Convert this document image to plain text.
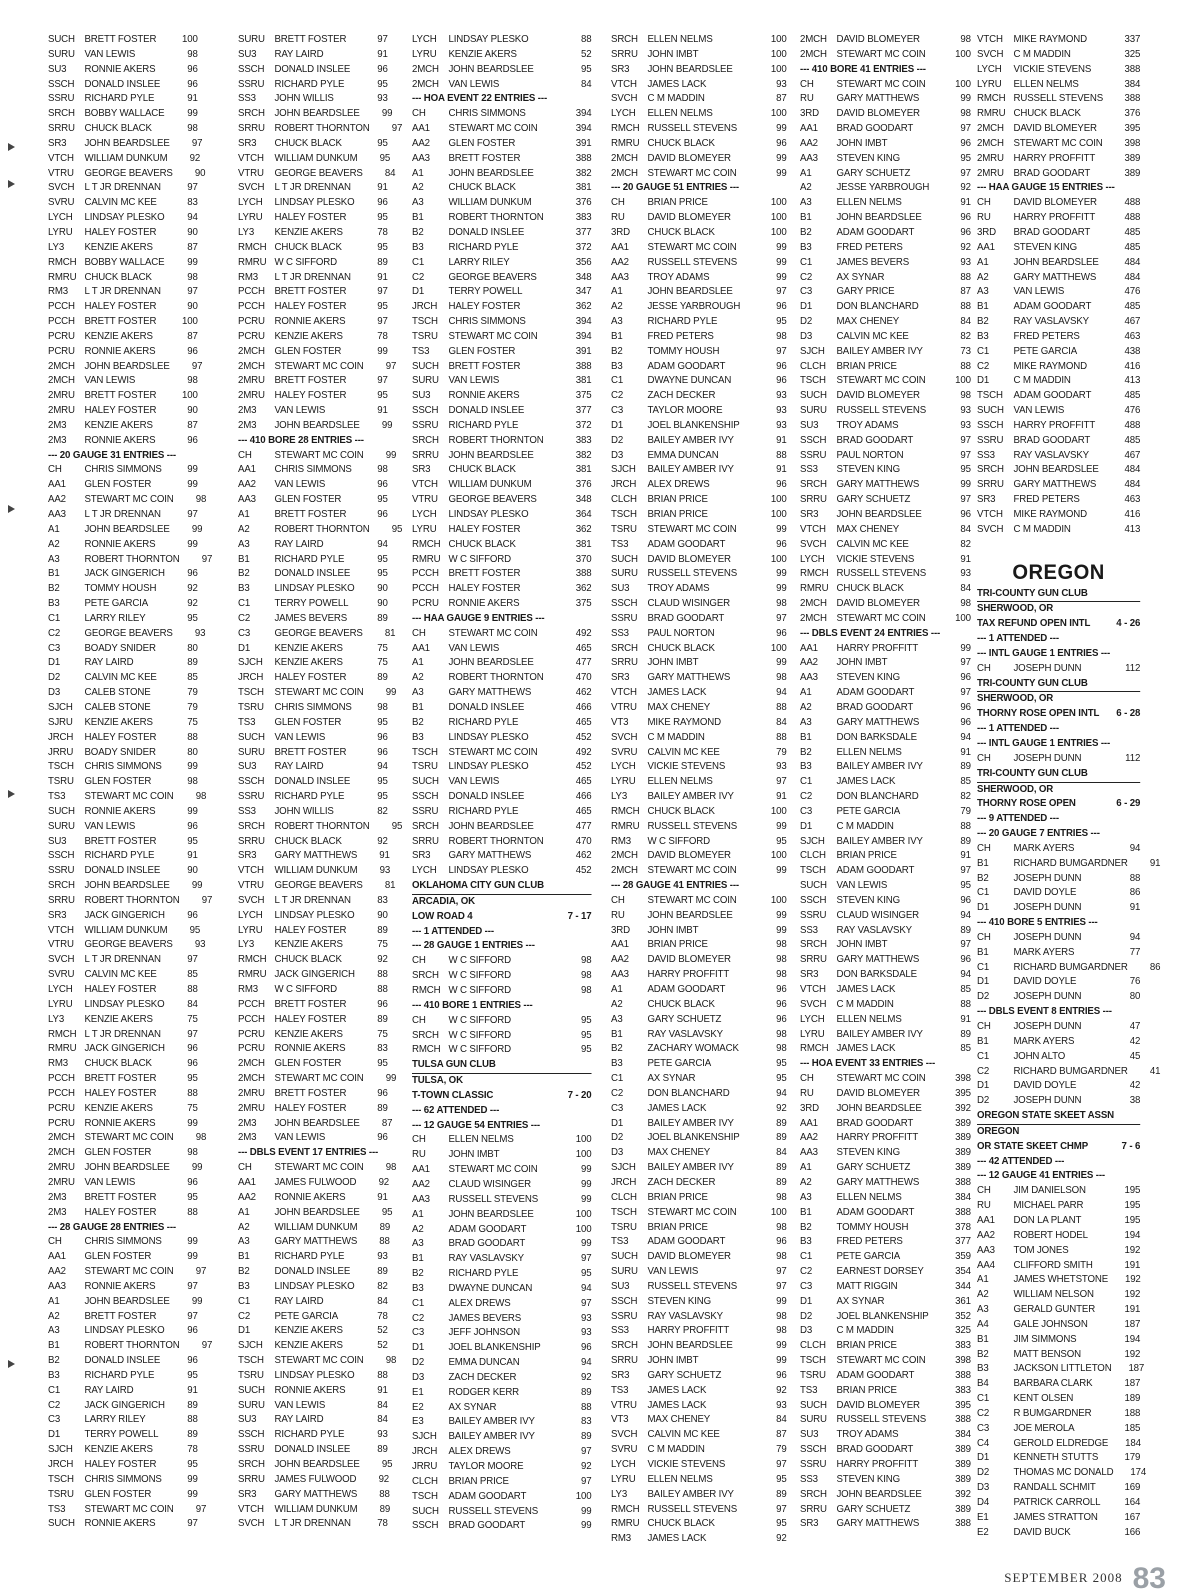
SUCH BRETT FOSTER	100
SURU VAN LEWIS	98
SU3	RONNIE AKERS	96
SSCH	DONALD INSLEE	96
SSRU	RICHARD PYLE	91
SRCH BOBBY WALLACE	99
SRRU CHUCK BLACK	98
SR3	JOHN BEARDSLEE	97
VTCH	WILLIAM DUNKUM	92
VTRU	GEORGE BEAVERS	90
SVCH	L T JR DRENNAN	97
SVRU	CALVIN MC KEE	83
LYCH	LINDSAY PLESKO	94
LYRU	HALEY FOSTER	90
LY3	KENZIE AKERS	87
RMCH BOBBY WALLACE	99
RMRU CHUCK BLACK	98
RM3	L T JR DRENNAN	97
PCCH HALEY FOSTER	90
PCCH BRETT FOSTER	100
PCRU KENZIE AKERS	87
PCRU RONNIE AKERS	96
2MCH JOHN BEARDSLEE	97
2MCH VAN LEWIS	98
2MRU BRETT FOSTER	100
2MRU HALEY FOSTER	90
2M3	KENZIE AKERS	87
2M3	RONNIE AKERS	96
--- 20 GAUGE 31 ENTRIES ---
CH	CHRIS SIMMONS	99
AA1	GLEN FOSTER	99
AA2	STEWART MC COIN	98
AA3	L T JR DRENNAN	97
A1	JOHN BEARDSLEE	99
A2	RONNIE AKERS	99
A3	ROBERT THORNTON	97
B1	JACK GINGERICH	96
B2	TOMMY HOUSH	92
B3	PETE GARCIA	92
C1	LARRY RILEY	95
C2	GEORGE BEAVERS	93
C3	BOADY SNIDER	80
D1	RAY LAIRD	89
D2	CALVIN MC KEE	85
D3	CALEB STONE	79
SJCH	CALEB STONE	79
SJRU	KENZIE AKERS	75
JRCH	HALEY FOSTER	88
JRRU	BOADY SNIDER	80
TSCH	CHRIS SIMMONS	99
TSRU	GLEN FOSTER	98
TS3	STEWART MC COIN	98
SUCH RONNIE AKERS	99
SURU VAN LEWIS	96
SU3	BRETT FOSTER	95
SSCH	RICHARD PYLE	91
SSRU	DONALD INSLEE	90
SRCH JOHN BEARDSLEE	99
SRRU ROBERT THORNTON	97
SR3	JACK GINGERICH	96
VTCH	WILLIAM DUNKUM	95
VTRU	GEORGE BEAVERS	93
SVCH	L T JR DRENNAN	97
SVRU	CALVIN MC KEE	85
LYCH	HALEY FOSTER	88
LYRU	LINDSAY PLESKO	84
LY3	KENZIE AKERS	75
RMCH L T JR DRENNAN	97
RMRU JACK GINGERICH	96
RM3	CHUCK BLACK	96
PCCH BRETT FOSTER	95
PCCH HALEY FOSTER	88
PCRU KENZIE AKERS	75
PCRU RONNIE AKERS	99
2MCH STEWART MC COIN	98
2MCH GLEN FOSTER	98
2MRU JOHN BEARDSLEE	99
2MRU VAN LEWIS	96
2M3	BRETT FOSTER	95
2M3	HALEY FOSTER	88
--- 28 GAUGE 28 ENTRIES ---
CH	CHRIS SIMMONS	99
AA1	GLEN FOSTER	99
AA2	STEWART MC COIN	97
AA3	RONNIE AKERS	97
A1	JOHN BEARDSLEE	99
A2	BRETT FOSTER	97
A3	LINDSAY PLESKO	96
B1	ROBERT THORNTON	97
B2	DONALD INSLEE	96
B3	RICHARD PYLE	95
C1	RAY LAIRD	91
C2	JACK GINGERICH	89
C3	LARRY RILEY	88
D1	TERRY POWELL	89
SJCH	KENZIE AKERS	78
JRCH	HALEY FOSTER	95
TSCH	CHRIS SIMMONS	99
TSRU	GLEN FOSTER	99
TS3	STEWART MC COIN	97
SUCH RONNIE AKERS	97
SURU BRETT FOSTER	97
SU3	RAY LAIRD	91
SSCH	DONALD INSLEE	96
SSRU	RICHARD PYLE	95
SS3	JOHN WILLIS	93
SRCH JOHN BEARDSLEE	99
SRRU ROBERT THORNTON	97
SR3	CHUCK BLACK	95
VTCH	WILLIAM DUNKUM	95
VTRU	GEORGE BEAVERS	84
SVCH	L T JR DRENNAN	91
LYCH	LINDSAY PLESKO	96
LYRU	HALEY FOSTER	95
LY3	KENZIE AKERS	78
RMCH CHUCK BLACK	95
RMRU W C SIFFORD	89
RM3	L T JR DRENNAN	91
PCCH BRETT FOSTER	97
PCCH HALEY FOSTER	95
PCRU RONNIE AKERS	97
PCRU KENZIE AKERS	78
2MCH GLEN FOSTER	99
2MCH STEWART MC COIN	97
2MRU BRETT FOSTER	97
2MRU HALEY FOSTER	95
2M3	VAN LEWIS	91
2M3	JOHN BEARDSLEE	99
--- 410 BORE 28 ENTRIES ---
CH	STEWART MC COIN	99
AA1	CHRIS SIMMONS	98
AA2	VAN LEWIS	96
AA3	GLEN FOSTER	95
A1	BRETT FOSTER	96
A2	ROBERT THORNTON	95
A3	RAY LAIRD	94
B1	RICHARD PYLE	95
B2	DONALD INSLEE	95
B3	LINDSAY PLESKO	90
C1	TERRY POWELL	90
C2	JAMES BEVERS	89
C3	GEORGE BEAVERS	81
D1	KENZIE AKERS	75
SJCH	KENZIE AKERS	75
JRCH	HALEY FOSTER	89
TSCH	STEWART MC COIN	99
TSRU	CHRIS SIMMONS	98
TS3	GLEN FOSTER	95
SUCH VAN LEWIS	96
SURU BRETT FOSTER	96
SU3	RAY LAIRD	94
SSCH	DONALD INSLEE	95
SSRU	RICHARD PYLE	95
SS3	JOHN WILLIS	82
SRCH ROBERT THORNTON	95
SRRU CHUCK BLACK	92
SR3	GARY MATTHEWS	91
VTCH	WILLIAM DUNKUM	93
VTRU	GEORGE BEAVERS	81
SVCH	L T JR DRENNAN	83
LYCH	LINDSAY PLESKO	90
LYRU	HALEY FOSTER	89
LY3	KENZIE AKERS	75
RMCH CHUCK BLACK	92
RMRU JACK GINGERICH	88
RM3	W C SIFFORD	88
PCCH BRETT FOSTER	96
PCCH HALEY FOSTER	89
PCRU KENZIE AKERS	75
PCRU RONNIE AKERS	83
2MCH GLEN FOSTER	95
2MCH STEWART MC COIN	99
2MRU BRETT FOSTER	96
2MRU HALEY FOSTER	89
2M3	JOHN BEARDSLEE	87
2M3	VAN LEWIS	96
--- DBLS EVENT 17 ENTRIES ---
CH	STEWART MC COIN	98
AA1	JAMES FULWOOD	92
AA2	RONNIE AKERS	91
A1	JOHN BEARDSLEE	95
A2	WILLIAM DUNKUM	89
A3	GARY MATTHEWS	88
B1	RICHARD PYLE	93
B2	DONALD INSLEE	89
B3	LINDSAY PLESKO	82
C1	RAY LAIRD	84
C2	PETE GARCIA	78
D1	KENZIE AKERS	52
SJCH	KENZIE AKERS	52
TSCH	STEWART MC COIN	98
TSRU	LINDSAY PLESKO	88
SUCH RONNIE AKERS	91
SURU VAN LEWIS	84
SU3	RAY LAIRD	84
SSCH	RICHARD PYLE	93
SSRU	DONALD INSLEE	89
SRCH JOHN BEARDSLEE	95
SRRU JAMES FULWOOD	92
SR3	GARY MATTHEWS	88
VTCH	WILLIAM DUNKUM	89
SVCH	L T JR DRENNAN	78
LYCH	LINDSAY PLESKO	88
LYRU	KENZIE AKERS	52
2MCH JOHN BEARDSLEE	95
2MCH VAN LEWIS	84
--- HOA EVENT 22 ENTRIES ---
CH	CHRIS SIMMONS	394
AA1	STEWART MC COIN	394
AA2	GLEN FOSTER	391
AA3	BRETT FOSTER	388
A1	JOHN BEARDSLEE	382
A2	CHUCK BLACK	381
A3	WILLIAM DUNKUM	376
B1	ROBERT THORNTON	383
B2	DONALD INSLEE	377
B3	RICHARD PYLE	372
C1	LARRY RILEY	356
C2	GEORGE BEAVERS	348
D1	TERRY POWELL	347
JRCH	HALEY FOSTER	362
TSCH	CHRIS SIMMONS	394
TSRU	STEWART MC COIN	394
TS3	GLEN FOSTER	391
SUCH BRETT FOSTER	388
SURU VAN LEWIS	381
SU3	RONNIE AKERS	375
SSCH	DONALD INSLEE	377
SSRU	RICHARD PYLE	372
SRCH ROBERT THORNTON	383
SRRU JOHN BEARDSLEE	382
SR3	CHUCK BLACK	381
VTCH	WILLIAM DUNKUM	376
VTRU	GEORGE BEAVERS	348
LYCH	LINDSAY PLESKO	364
LYRU	HALEY FOSTER	362
RMCH CHUCK BLACK	381
RMRU W C SIFFORD	370
PCCH BRETT FOSTER	388
PCCH HALEY FOSTER	362
PCRU RONNIE AKERS	375
--- HAA GAUGE 9 ENTRIES ---
CH	STEWART MC COIN	492
AA1	VAN LEWIS	465
A1	JOHN BEARDSLEE	477
A2	ROBERT THORNTON	470
A3	GARY MATTHEWS	462
B1	DONALD INSLEE	466
B2	RICHARD PYLE	465
B3	LINDSAY PLESKO	452
TSCH	STEWART MC COIN	492
TSRU	LINDSAY PLESKO	452
SUCH VAN LEWIS	465
SSCH	DONALD INSLEE	466
SSRU	RICHARD PYLE	465
SRCH JOHN BEARDSLEE	477
SRRU ROBERT THORNTON	470
SR3	GARY MATTHEWS	462
LYCH	LINDSAY PLESKO	452
OKLAHOMA CITY GUN CLUB
ARCADIA, OK
LOW ROAD 4	7 - 17
--- 1 ATTENDED ---
--- 28 GAUGE 1 ENTRIES ---
CH	W C SIFFORD	98
SRCH W C SIFFORD	98
RMCH W C SIFFORD	98
--- 410 BORE 1 ENTRIES ---
CH	W C SIFFORD	95
SRCH W C SIFFORD	95
RMCH W C SIFFORD	95
TULSA GUN CLUB
TULSA, OK
T-TOWN CLASSIC	7 - 20
--- 62 ATTENDED ---
--- 12 GAUGE 54 ENTRIES ---
CH	ELLEN NELMS	100
RU	JOHN IMBT	100
AA1	STEWART MC COIN	99
AA2	CLAUD WISINGER	99
AA3	RUSSELL STEVENS	99
A1	JOHN BEARDSLEE	100
A2	ADAM GOODART	100
A3	BRAD GOODART	99
B1	RAY VASLAVSKY	97
B2	RICHARD PYLE	95
B3	DWAYNE DUNCAN	94
C1	ALEX DREWS	97
C2	JAMES BEVERS	93
C3	JEFF JOHNSON	93
D1	JOEL BLANKENSHIP	96
D2	EMMA DUNCAN	94
D3	ZACH DECKER	92
E1	RODGER KERR	89
E2	AX SYNAR	88
E3	BAILEY AMBER IVY	83
SJCH	BAILEY AMBER IVY	89
JRCH	ALEX DREWS	97
JRRU	TAYLOR MOORE	92
CLCH	BRIAN PRICE	97
TSCH	ADAM GOODART	100
SUCH RUSSELL STEVENS	99
SSCH	BRAD GOODART	99
SRCH ELLEN NELMS	100
SRRU JOHN IMBT	100
SR3	JOHN BEARDSLEE	100
VTCH	JAMES LACK	93
SVCH	C M MADDIN	87
LYCH	ELLEN NELMS	100
RMCH RUSSELL STEVENS	99
RMRU CHUCK BLACK	96
2MCH DAVID BLOMEYER	99
2MCH STEWART MC COIN	99
--- 20 GAUGE 51 ENTRIES ---
CH	BRIAN PRICE	100
RU	DAVID BLOMEYER	100
3RD	CHUCK BLACK	100
AA1	STEWART MC COIN	99
AA2	RUSSELL STEVENS	99
AA3	TROY ADAMS	99
A1	JOHN BEARDSLEE	97
A2	JESSE YARBROUGH	96
A3	RICHARD PYLE	95
B1	FRED PETERS	98
B2	TOMMY HOUSH	97
B3	ADAM GOODART	96
C1	DWAYNE DUNCAN	96
C2	ZACH DECKER	93
C3	TAYLOR MOORE	93
D1	JOEL BLANKENSHIP	93
D2	BAILEY AMBER IVY	91
D3	EMMA DUNCAN	88
SJCH	BAILEY AMBER IVY	91
JRCH	ALEX DREWS	96
CLCH	BRIAN PRICE	100
TSCH	BRIAN PRICE	100
TSRU	STEWART MC COIN	99
TS3	ADAM GOODART	96
SUCH DAVID BLOMEYER	100
SURU RUSSELL STEVENS	99
SU3	TROY ADAMS	99
SSCH	CLAUD WISINGER	98
SSRU	BRAD GOODART	97
SS3	PAUL NORTON	96
SRCH CHUCK BLACK	100
SRRU JOHN IMBT	99
SR3	GARY MATTHEWS	98
VTCH	JAMES LACK	94
VTRU	MAX CHENEY	88
VT3	MIKE RAYMOND	84
SVCH	C M MADDIN	88
SVRU	CALVIN MC KEE	79
LYCH	VICKIE STEVENS	93
LYRU	ELLEN NELMS	97
LY3	BAILEY AMBER IVY	91
RMCH CHUCK BLACK	100
RMRU RUSSELL STEVENS	99
RM3	W C SIFFORD	95
2MCH DAVID BLOMEYER	100
2MCH STEWART MC COIN	99
--- 28 GAUGE 41 ENTRIES ---
CH	STEWART MC COIN	100
RU	JOHN BEARDSLEE	99
3RD	JOHN IMBT	99
AA1	BRIAN PRICE	98
AA2	DAVID BLOMEYER	98
AA3	HARRY PROFFITT	98
A1	ADAM GOODART	96
A2	CHUCK BLACK	96
A3	GARY SCHUETZ	96
B1	RAY VASLAVSKY	98
B2	ZACHARY WOMACK	98
B3	PETE GARCIA	95
C1	AX SYNAR	95
C2	DON BLANCHARD	94
C3	JAMES LACK	92
D1	BAILEY AMBER IVY	89
D2	JOEL BLANKENSHIP	89
D3	MAX CHENEY	84
SJCH	BAILEY AMBER IVY	89
JRCH	ZACH DECKER	89
CLCH	BRIAN PRICE	98
TSCH	STEWART MC COIN	100
TSRU	BRIAN PRICE	98
TS3	ADAM GOODART	96
SUCH DAVID BLOMEYER	98
SURU VAN LEWIS	97
SU3	RUSSELL STEVENS	97
SSCH	STEVEN KING	99
SSRU	RAY VASLAVSKY	98
SS3	HARRY PROFFITT	98
SRCH JOHN BEARDSLEE	99
SRRU JOHN IMBT	99
SR3	GARY SCHUETZ	96
TS3	JAMES LACK	92
VTRU	JAMES LACK	93
VT3	MAX CHENEY	84
SVCH	CALVIN MC KEE	87
SVRU	C M MADDIN	79
LYCH	VICKIE STEVENS	97
LYRU	ELLEN NELMS	95
LY3	BAILEY AMBER IVY	89
RMCH RUSSELL STEVENS	97
RMRU CHUCK BLACK	95
RM3	JAMES LACK	92
2MCH DAVID BLOMEYER	98
2MCH STEWART MC COIN	100
--- 410 BORE 41 ENTRIES ---
CH	STEWART MC COIN	100
RU	GARY MATTHEWS	99
3RD	DAVID BLOMEYER	98
AA1	BRAD GOODART	97
AA2	JOHN IMBT	96
AA3	STEVEN KING	95
A1	GARY SCHUETZ	97
A2	JESSE YARBROUGH	92
A3	ELLEN NELMS	91
B1	JOHN BEARDSLEE	96
B2	ADAM GOODART	96
B3	FRED PETERS	92
C1	JAMES BEVERS	93
C2	AX SYNAR	88
C3	GARY PRICE	87
D1	DON BLANCHARD	88
D2	MAX CHENEY	84
D3	CALVIN MC KEE	82
SJCH	BAILEY AMBER IVY	73
CLCH	BRIAN PRICE	88
TSCH	STEWART MC COIN	100
SUCH DAVID BLOMEYER	98
SURU RUSSELL STEVENS	93
SU3	TROY ADAMS	93
SSCH	BRAD GOODART	97
SSRU	PAUL NORTON	97
SS3	STEVEN KING	95
SRCH GARY MATTHEWS	99
SRRU GARY SCHUETZ	97
SR3	JOHN BEARDSLEE	96
VTCH	MAX CHENEY	84
SVCH	CALVIN MC KEE	82
LYCH	VICKIE STEVENS	91
RMCH RUSSELL STEVENS	93
RMRU CHUCK BLACK	84
2MCH DAVID BLOMEYER	98
2MCH STEWART MC COIN	100
--- DBLS EVENT 24 ENTRIES ---
AA1	HARRY PROFFITT	99
AA2	JOHN IMBT	97
AA3	STEVEN KING	96
A1	ADAM GOODART	97
A2	BRAD GOODART	96
A3	GARY MATTHEWS	96
B1	DON BARKSDALE	94
B2	ELLEN NELMS	91
B3	BAILEY AMBER IVY	89
C1	JAMES LACK	85
C2	DON BLANCHARD	82
C3	PETE GARCIA	79
D1	C M MADDIN	88
SJCH	BAILEY AMBER IVY	89
CLCH	BRIAN PRICE	91
TSCH	ADAM GOODART	97
SUCH VAN LEWIS	95
SSCH	STEVEN KING	96
SSRU	CLAUD WISINGER	94
SS3	RAY VASLAVSKY	89
SRCH JOHN IMBT	97
SRRU GARY MATTHEWS	96
SR3	DON BARKSDALE	94
VTCH	JAMES LACK	85
SVCH	C M MADDIN	88
LYCH	ELLEN NELMS	91
LYRU	BAILEY AMBER IVY	89
RMCH JAMES LACK	85
--- HOA EVENT 33 ENTRIES ---
CH	STEWART MC COIN	398
RU	DAVID BLOMEYER	395
3RD	JOHN BEARDSLEE	392
AA1	BRAD GOODART	389
AA2	HARRY PROFFITT	389
AA3	STEVEN KING	389
A1	GARY SCHUETZ	389
A2	GARY MATTHEWS	388
A3	ELLEN NELMS	384
B1	ADAM GOODART	388
B2	TOMMY HOUSH	378
B3	FRED PETERS	377
C1	PETE GARCIA	359
C2	EARNEST DORSEY	354
C3	MATT RIGGIN	344
D1	AX SYNAR	361
D2	JOEL BLANKENSHIP	352
D3	C M MADDIN	325
CLCH	BRIAN PRICE	383
TSCH	STEWART MC COIN	398
TSRU	ADAM GOODART	388
TS3	BRIAN PRICE	383
SUCH DAVID BLOMEYER	395
SURU RUSSELL STEVENS	388
SU3	TROY ADAMS	384
SSCH	BRAD GOODART	389
SSRU	HARRY PROFFITT	389
SS3	STEVEN KING	389
SRCH JOHN BEARDSLEE	392
SRRU GARY SCHUETZ	389
SR3	GARY MATTHEWS	388
VTCH	MIKE RAYMOND	337
SVCH	C M MADDIN	325
LYCH	VICKIE STEVENS	388
LYRU	ELLEN NELMS	384
RMCH RUSSELL STEVENS	388
RMRU CHUCK BLACK	376
2MCH DAVID BLOMEYER	395
2MCH STEWART MC COIN	398
2MRU HARRY PROFFITT	389
2MRU BRAD GOODART	389
--- HAA GAUGE 15 ENTRIES ---
CH	DAVID BLOMEYER	488
RU	HARRY PROFFITT	488
3RD	BRAD GOODART	485
AA1	STEVEN KING	485
A1	JOHN BEARDSLEE	484
A2	GARY MATTHEWS	484
A3	VAN LEWIS	476
B1	ADAM GOODART	485
B2	RAY VASLAVSKY	467
B3	FRED PETERS	463
C1	PETE GARCIA	438
C2	MIKE RAYMOND	416
D1	C M MADDIN	413
TSCH	ADAM GOODART	485
SUCH VAN LEWIS	476
SSCH	HARRY PROFFITT	488
SSRU	BRAD GOODART	485
SS3	RAY VASLAVSKY	467
SRCH JOHN BEARDSLEE	484
SRRU GARY MATTHEWS	484
SR3	FRED PETERS	463
VTCH	MIKE RAYMOND	416
SVCH	C M MADDIN	413
OREGON
TRI-COUNTY GUN CLUB
SHERWOOD, OR
TAX REFUND OPEN INTL	4 - 26
--- 1 ATTENDED ---
--- INTL GAUGE 1 ENTRIES ---
CH	JOSEPH DUNN	112
TRI-COUNTY GUN CLUB
SHERWOOD, OR
THORNY ROSE OPEN INTL 6 - 28
--- 1 ATTENDED ---
--- INTL GAUGE 1 ENTRIES ---
CH	JOSEPH DUNN	112
TRI-COUNTY GUN CLUB
SHERWOOD, OR
THORNY ROSE OPEN	6 - 29
--- 9 ATTENDED ---
--- 20 GAUGE 7 ENTRIES ---
CH	MARK AYERS	94
B1	RICHARD BUMGARDNER	91
B2	JOSEPH DUNN	88
C1	DAVID DOYLE	86
D1	JOSEPH DUNN	91
--- 410 BORE 5 ENTRIES ---
CH	JOSEPH DUNN	94
B1	MARK AYERS	77
C1	RICHARD BUMGARDNER	86
D1	DAVID DOYLE	76
D2	JOSEPH DUNN	80
--- DBLS EVENT 8 ENTRIES ---
CH	JOSEPH DUNN	47
B1	MARK AYERS	42
C1	JOHN ALTO	45
C2	RICHARD BUMGARDNER	41
D1	DAVID DOYLE	42
D2	JOSEPH DUNN	38
OREGON STATE SKEET ASSN
OREGON
OR STATE SKEET CHMP	7 - 6
--- 42 ATTENDED ---
--- 12 GAUGE 41 ENTRIES ---
CH	JIM DANIELSON	195
RU	MICHAEL PARR	195
AA1	DON LA PLANT	195
AA2	ROBERT HODEL	194
AA3	TOM JONES	192
AA4	CLIFFORD SMITH	191
A1	JAMES WHETSTONE	192
A2	WILLIAM NELSON	192
A3	GERALD GUNTER	191
A4	GALE JOHNSON	187
B1	JIM SIMMONS	194
B2	MATT BENSON	192
B3	JACKSON LITTLETON	187
B4	BARBARA CLARK	187
C1	KENT OLSEN	189
C2	R BUMGARDNER	188
C3	JOE MEROLA	185
C4	GEROLD ELDREDGE	184
D1	KENNETH STUTTS	179
D2	THOMAS MC DONALD	174
D3	RANDALL SCHMIT	169
D4	PATRICK CARROLL	164
E1	JAMES STRATTON	167
E2	DAVID BUCK	166
SEPTEMBER 2008 83
